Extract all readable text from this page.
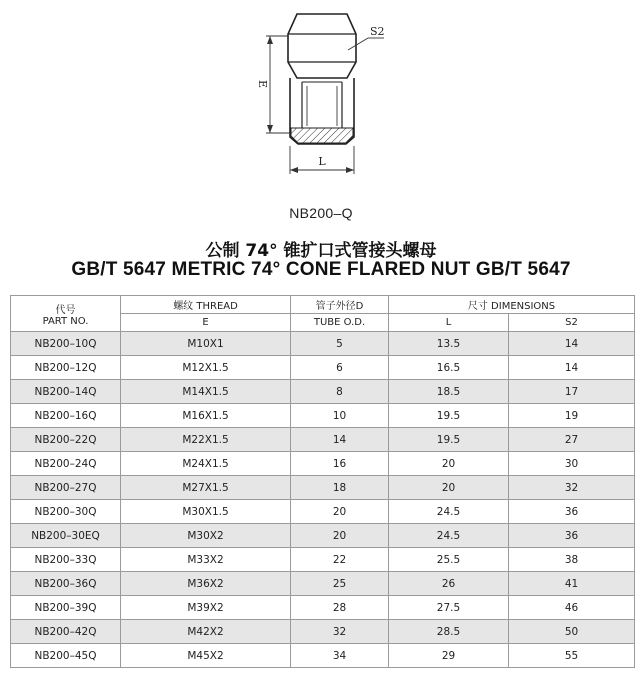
E
L
S2
NB200–Q
公制 74° 锥扩口式管接头螺母
GB/T 5647 METRIC 74° CONE FLARED NUT GB/T 5647
代号
PART NO.	螺纹 THREAD	管子外径D	尺寸 DIMENSIONS	
	E	TUBE O.D.	L	S2
NB200–10Q	M10X1	5	13.5	14
NB200–12Q	M12X1.5	6	16.5	14
NB200–14Q	M14X1.5	8	18.5	17
NB200–16Q	M16X1.5	10	19.5	19
NB200–22Q	M22X1.5	14	19.5	27
NB200–24Q	M24X1.5	16	20	30
NB200–27Q	M27X1.5	18	20	32
NB200–30Q	M30X1.5	20	24.5	36
NB200–30EQ	M30X2	20	24.5	36
NB200–33Q	M33X2	22	25.5	38
NB200–36Q	M36X2	25	26	41
NB200–39Q	M39X2	28	27.5	46
NB200–42Q	M42X2	32	28.5	50
NB200–45Q	M45X2	34	29	55
